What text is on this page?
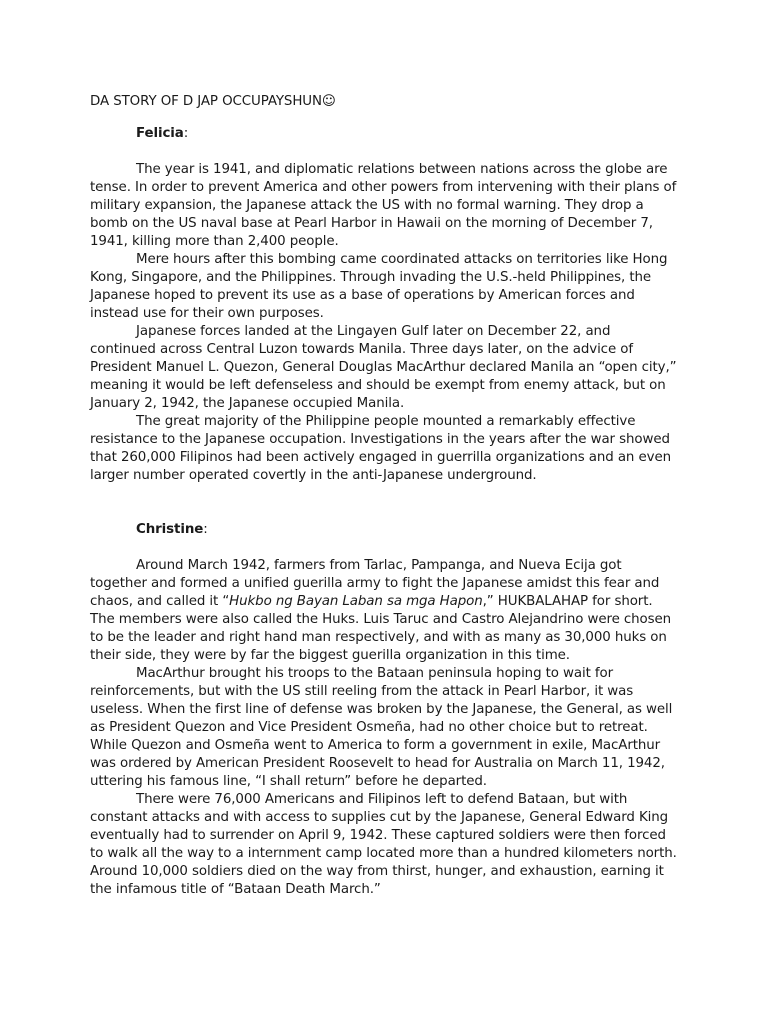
DA STORY OF D JAP OCCUPAYSHUN☺
Felicia:

The year is 1941, and diplomatic relations between nations across the globe are tense. In order to prevent America and other powers from intervening with their plans of military expansion, the Japanese attack the US with no formal warning. They drop a bomb on the US naval base at Pearl Harbor in Hawaii on the morning of December 7, 1941, killing more than 2,400 people.

Mere hours after this bombing came coordinated attacks on territories like Hong Kong, Singapore, and the Philippines. Through invading the U.S.-held Philippines, the Japanese hoped to prevent its use as a base of operations by American forces and instead use for their own purposes.

Japanese forces landed at the Lingayen Gulf later on December 22, and continued across Central Luzon towards Manila. Three days later, on the advice of President Manuel L. Quezon, General Douglas MacArthur declared Manila an “open city,” meaning it would be left defenseless and should be exempt from enemy attack, but on January 2, 1942, the Japanese occupied Manila.

The great majority of the Philippine people mounted a remarkably effective resistance to the Japanese occupation. Investigations in the years after the war showed that 260,000 Filipinos had been actively engaged in guerrilla organizations and an even larger number operated covertly in the anti-Japanese underground.

Christine:

Around March 1942, farmers from Tarlac, Pampanga, and Nueva Ecija got together and formed a unified guerilla army to fight the Japanese amidst this fear and chaos, and called it “Hukbo ng Bayan Laban sa mga Hapon,” HUKBALAHAP for short. The members were also called the Huks. Luis Taruc and Castro Alejandrino were chosen to be the leader and right hand man respectively, and with as many as 30,000 huks on their side, they were by far the biggest guerilla organization in this time.

MacArthur brought his troops to the Bataan peninsula hoping to wait for reinforcements, but with the US still reeling from the attack in Pearl Harbor, it was useless. When the first line of defense was broken by the Japanese, the General, as well as President Quezon and Vice President Osmeña, had no other choice but to retreat. While Quezon and Osmeña went to America to form a government in exile, MacArthur was ordered by American President Roosevelt to head for Australia on March 11, 1942, uttering his famous line, “I shall return” before he departed.

There were 76,000 Americans and Filipinos left to defend Bataan, but with constant attacks and with access to supplies cut by the Japanese, General Edward King eventually had to surrender on April 9, 1942. These captured soldiers were then forced to walk all the way to a internment camp located more than a hundred kilometers north. Around 10,000 soldiers died on the way from thirst, hunger, and exhaustion, earning it the infamous title of “Bataan Death March.”
